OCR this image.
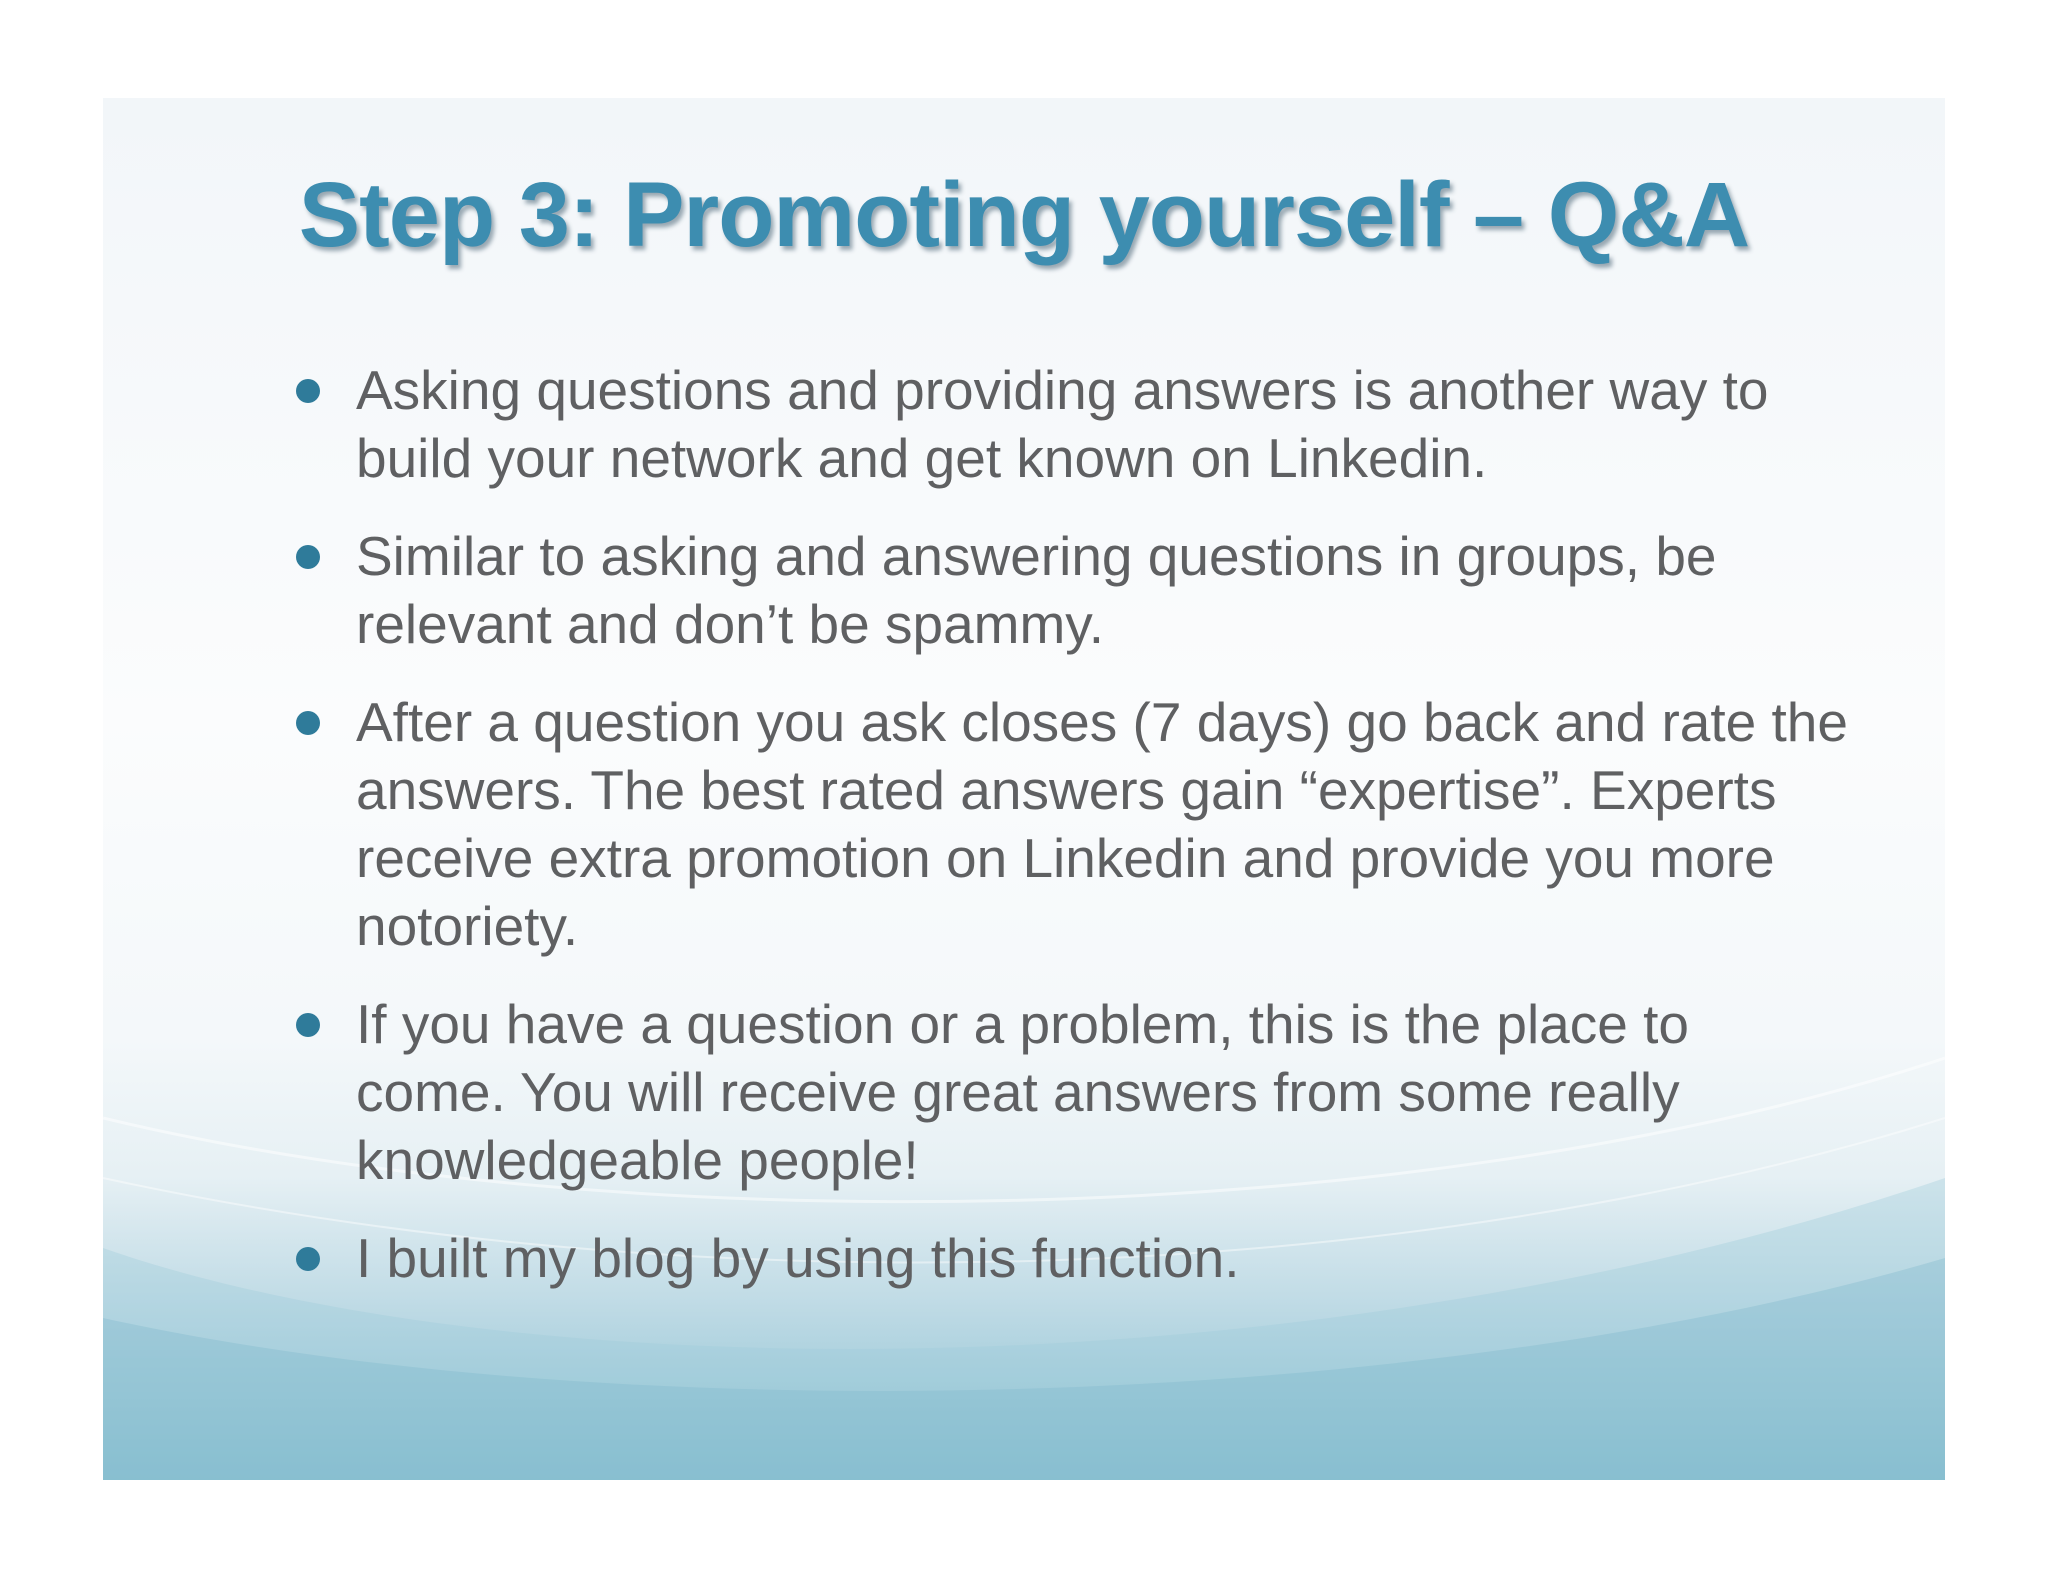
Step 3: Promoting yourself – Q&A
Asking questions and providing answers is another way to build your network and get known on Linkedin.
Similar to asking and answering questions in groups, be relevant and don’t be spammy.
After a question you ask closes (7 days) go back and rate the answers. The best rated answers gain “expertise”. Experts receive extra promotion on Linkedin and provide you more notoriety.
If you have a question or a problem, this is the place to come. You will receive great answers from some really knowledgeable people!
I built my blog by using this function.
